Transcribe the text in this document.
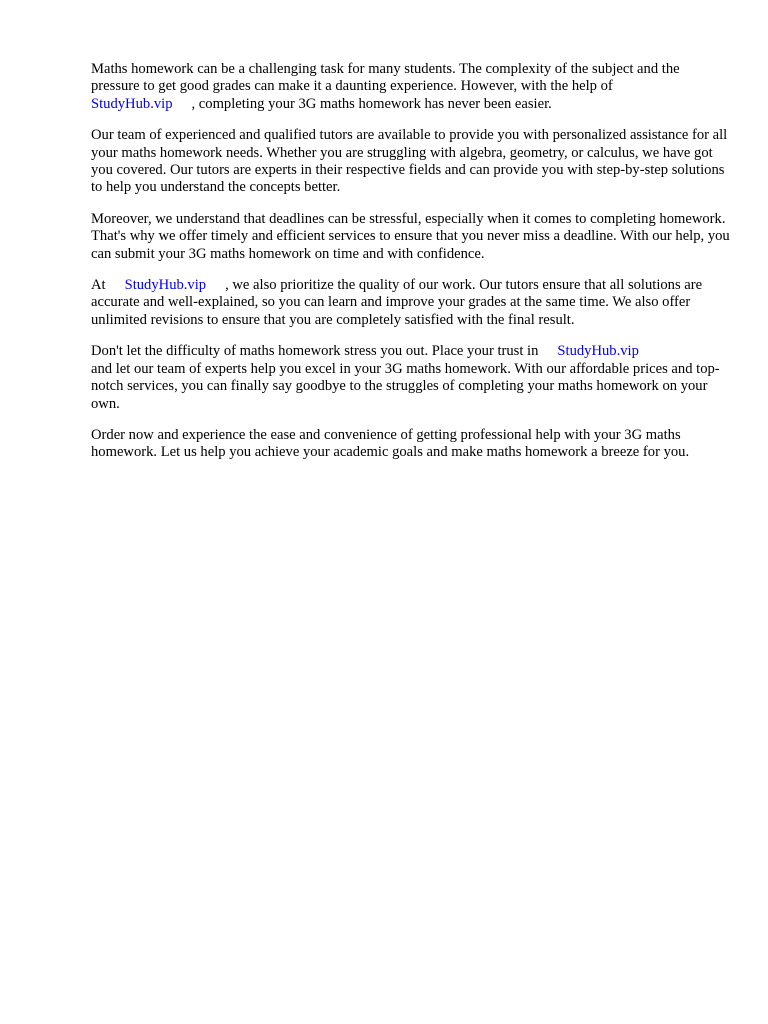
Maths homework can be a challenging task for many students. The complexity of the subject and the pressure to get good grades can make it a daunting experience. However, with the help of
StudyHub.vip , completing your 3G maths homework has never been easier.

Our team of experienced and qualified tutors are available to provide you with personalized assistance for all your maths homework needs. Whether you are struggling with algebra, geometry, or calculus, we have got you covered. Our tutors are experts in their respective fields and can provide you with step-by-step solutions to help you understand the concepts better.

Moreover, we understand that deadlines can be stressful, especially when it comes to completing homework. That's why we offer timely and efficient services to ensure that you never miss a deadline. With our help, you can submit your 3G maths homework on time and with confidence.

At StudyHub.vip , we also prioritize the quality of our work. Our tutors ensure that all solutions are accurate and well-explained, so you can learn and improve your grades at the same time. We also offer unlimited revisions to ensure that you are completely satisfied with the final result.

Don't let the difficulty of maths homework stress you out. Place your trust in StudyHub.vip
and let our team of experts help you excel in your 3G maths homework. With our affordable prices and top-notch services, you can finally say goodbye to the struggles of completing your maths homework on your own.

Order now and experience the ease and convenience of getting professional help with your 3G maths homework. Let us help you achieve your academic goals and make maths homework a breeze for you.
